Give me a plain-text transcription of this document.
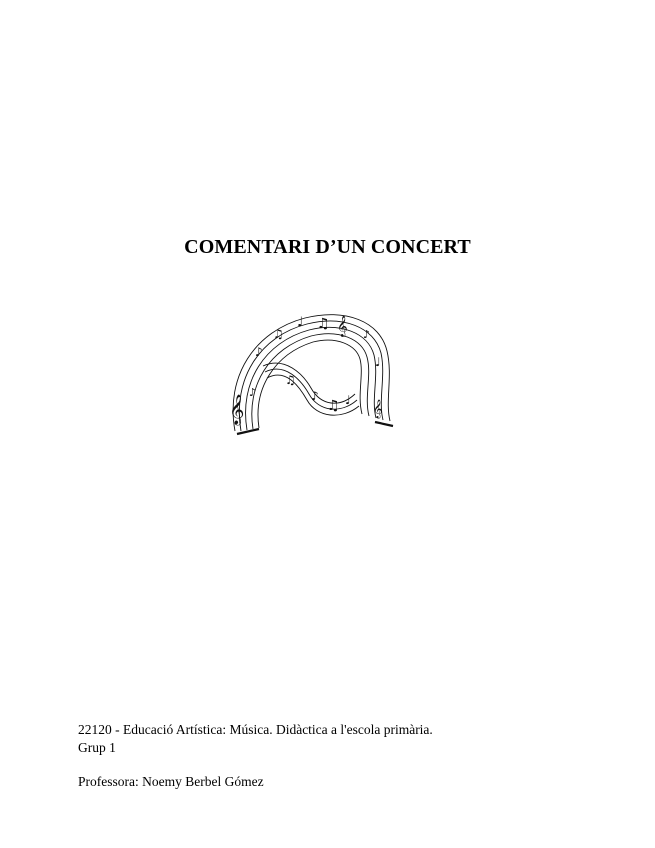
COMENTARI D’UN CONCERT
𝄞
𝄞
𝄞
♪
♫
♩ ♫
♪
♩
♫
♪
♫ ♩
♪
22120 - Educació Artística: Música. Didàctica a l'escola primària.
Grup 1
Professora: Noemy Berbel Gómez
